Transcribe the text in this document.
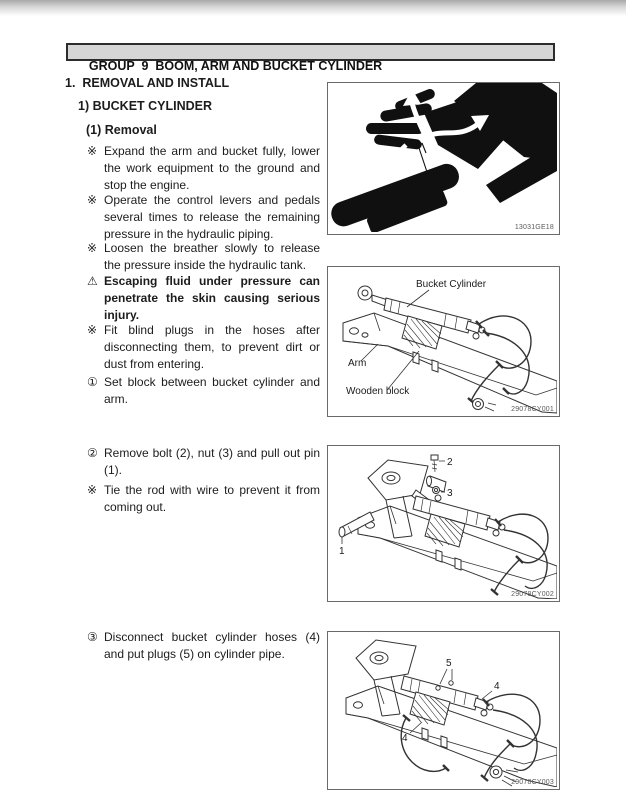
GROUP  9  BOOM, ARM AND BUCKET CYLINDER

1.  REMOVAL AND INSTALL
1) BUCKET CYLINDER
(1) Removal
※ Expand the arm and bucket fully, lower the work equipment to the ground and stop the engine.
※ Operate the control levers and pedals several times to release the remaining pressure in the hydraulic piping.
※ Loosen the breather slowly to release the pressure inside the hydraulic tank.
⚠ Escaping fluid under pressure can penetrate the skin causing serious injury.
※ Fit blind plugs in the hoses after disconnecting them, to prevent dirt or dust from entering.
① Set block between bucket cylinder and arm.
② Remove bolt (2), nut (3) and pull out pin (1).
※ Tie the rod with wire to prevent it from coming out.
③ Disconnect bucket cylinder hoses (4) and put plugs (5) on cylinder pipe.
13031GE18
Bucket Cylinder
Arm
Wooden block
29078CY001
2
3
1
29078CY002
5
4
4
29078CY003
